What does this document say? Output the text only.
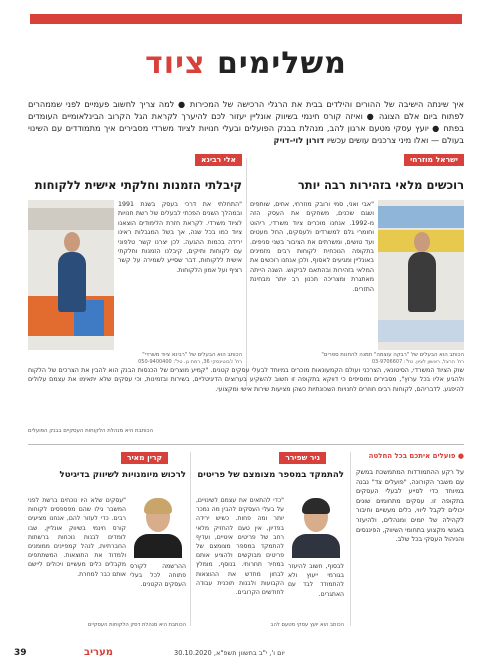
משלימים ציוד
איך שינתה הישיבה של ההורים והילדים בבית את הרגלי הרכישה של המכירות ● למה צריך לחשוב פעמיים לפני שממהרים לפתוח ביום אלם הצוגה ● ואיזה קורס חינמי בשיווק אונליין יעזור לכם להיערך לקראת הגל הקרוב הבינלאומיים העומדים בפתח ● יועץ עסקי מטעם ארגון להב, מנהלת בבנק הפועלים ובעלי חנויות לציוד משרדי מסבירים איך מתמודדים עם השינוי בעולם — ואלו מיני צרכנים עושים עכשיו דורון לוי-דויק
ישראל מוזרחי
רוכשים מלאי בזהירות רבה יותר
"אבי ואני, סמי ורובק מוזרחי, אחים, שותפים ושגם שכנים, משחקים את העסק הזה מ-1992. אנחנו מוכרים ציוד משרדי, ריהוט וחומרי גלם למשרדים ולעסקים, החל מעטים ועד טושים, ומשרתים את הציבור בשני סניפים. בתקופה הנוכחית לקוחות רבים מזמינים באונליין ומגיעים לאסוף, ולכן אנחנו רוכשים את המלאי בזהירות ובהתאם לביקוש. השנה הייתה מאתגרת ומצריכה תכנון רב יותר מבחינת התזרים.
הכותב הוא הבעלים של "רבקה עוצמה" תמנה להחנות ספרים"
רח' הרצל, ראשון לציון. טל': 03-9706607
אלי רבינא
קיבלתי הזמנות וחלקתי אישית ללקוחות
"התחלתי את דרכי בעסק בשנת 1991 ובמהלך השנים הפכתי לבעלים של רשת חנויות לציוד משרדי. לקראת חזרת הלימודים הוצאנו ציוד כמו בכל שנה, אך בשל המגבלות ראינו ירידה בכמות ההגעה. לכן יצרנו קשר טלפוני עם לקוחות ותיקים, קיבלנו הזמנות וחלקתי אישית ללקוחות, דבר שסייע לשמירה על קשר רציף ועל אמון הלקוחות.
הכותב הוא הבעלים של "רבינא ציוד משרדי"
רח' ז'בוטינסקי 36, רמת גן. טל': 050-9400400
שוק הציוד המשרדי, הסיטונאי, הצרכני ועולם הקמעונאות מוכרים במיוחד לבעלי עסקים קטנים. "קמיע מוצרים של הכנסות הבנק הוא להבין את הצרכים של הלקוח ולהגיע אליו בכל ערוץ", מסבירים ומוסיפים כי דווקא בתקופה זו חשוב להשקיע בערוצים הדיגיטליים, בשירות ובזמינות, וכי עסקים שלא יתאימו את עצמם עלולים להיפגע. לדבריהם, לקוחות רבים חוזרים לחנויות השכונתיות כשהן מציעות שירות אישי ומקצועי.
הכותבת היא מנהלת הלקוחות העסקיים בבנק הפועלים
● פועלים איתכם בכל החלטה
על רקע ההתמודדות המתמשכת במשק עם משבר הקורונה, "פועלים צד" נבנה במיוחד כדי לסייע לבעלי העסקים בתקופה זו. עסקים מתחומים שונים יכולים לקבל ליווי, כלים מעשיים וחיבור לקהילה של יזמים ומנהלים, ולהיעזר באנשי מקצוע בתחומי השיווק, הפיננסים והניהול העסקי בכל שלב.
ניר שפירר
להתמקד במספר מצומצם של פריטים
"כדי להתאים את עצמם לשינויים, על בעלי העסקים להבין מה נמכר יותר ומה פחות. כשיש ירידה בפדיון, אין טעם להחזיק מלאי רחב של פריטים איטיים, ועדיף להתמקד במספר מצומצם של פריטים מבוקשים ולהציע אותם במחיר תחרותי. בנוסף, מומלץ לבחון מחדש את ההוצאות הקבועות ולבנות תוכנית עבודה לחודשים הקרובים.
לבסוף, חשוב להיעזר בגורמי ייעוץ ולא להתמודד לבד עם האתגרים.
הכותב הוא יועץ עסקי מטעם להב
קרין מאיר
לרכוש מיומנויות לשיווק בדיגיטל
"עסקים שלא היו נוכחים ברשת לפני המשבר גילו שהם מפספסים לקוחות רבים. כדי לעזור להם, אנחנו מציעים קורס חינמי בשיווק אונליין, שבו לומדים לבנות נוכחות ברשתות החברתיות, לנהל קמפיינים ממומנים ולמדוד את התוצאות. המשתתפים מקבלים כלים מעשיים ויכולים ליישם אותם כבר למחרת.
ההרשמה לקורס פתוחה לכל בעלי העסקים הקטנים.
הכותבת היא מנהלת דסק הלקוחות העסקיים
39	מעריב	יום ו', י"ב בחשוון תשפ"א, 30.10.2020
